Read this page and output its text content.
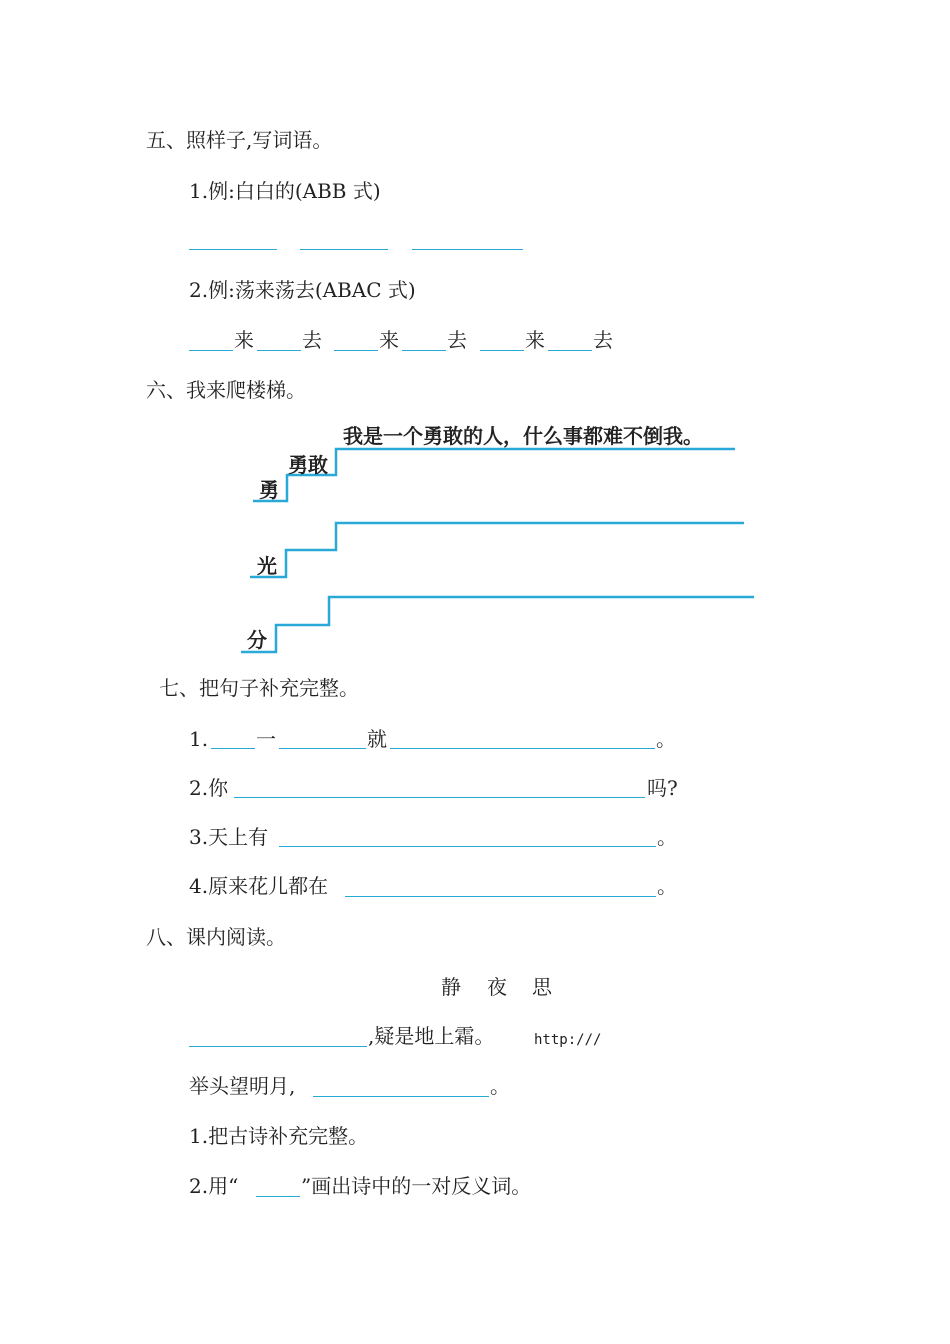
五、照样子,写词语。
1.例:白白的(ABB 式)
2.例:荡来荡去(ABAC 式)
来 去	来 去	来 去
六、我来爬楼梯。
勇
勇敢
我是一个勇敢的人，什么事都难不倒我。
光
分
七、把句子补充完整。
1. 一	就	。
2.你	吗?
3.天上有	。
4.原来花儿都在	。
八、课内阅读。
静 夜 思
,疑是地上霜。	http:///
举头望明月,	。
1.把古诗补充完整。
2.用“	”画出诗中的一对反义词。
